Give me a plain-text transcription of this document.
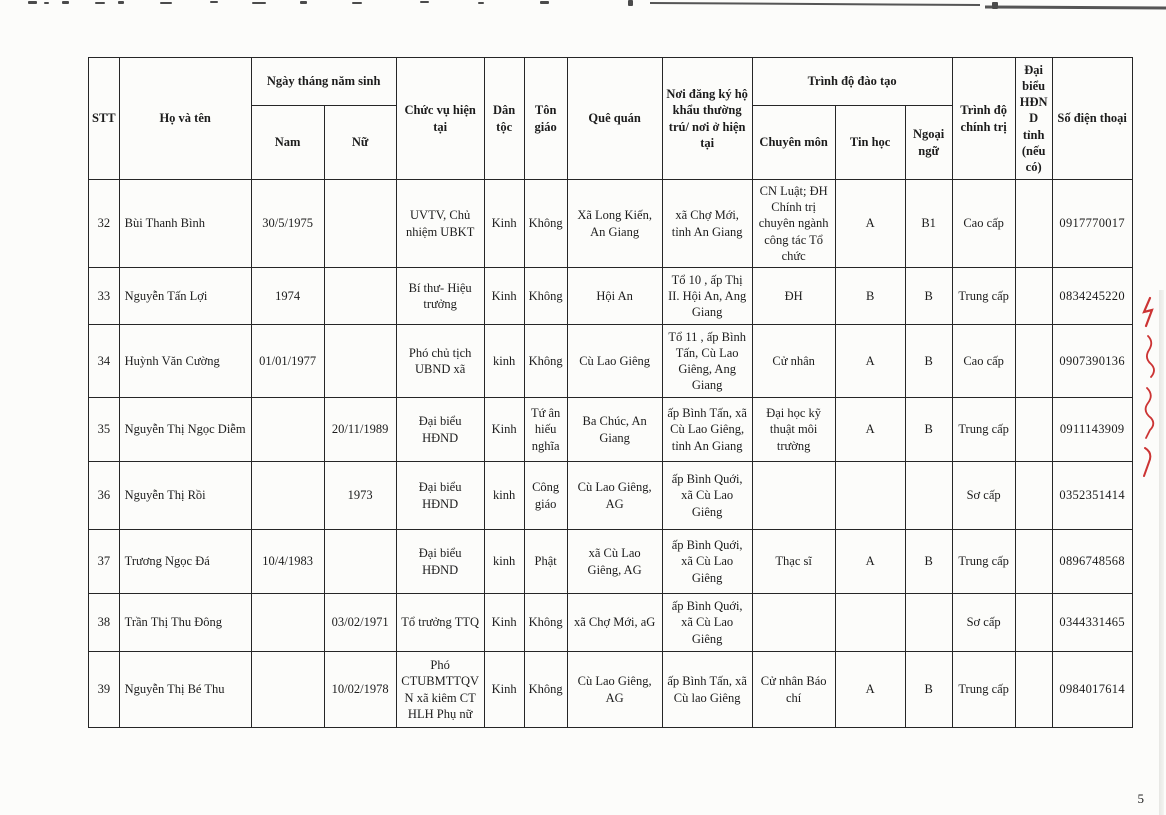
STT	Họ và tên	Ngày tháng năm sinh		Chức vụ hiện tại	Dân tộc	Tôn giáo	Quê quán	Nơi đăng ký hộ khẩu thường trú/ nơi ở hiện tại	Trình độ đào tạo			Trình độ chính trị	Đại biểu HĐN D tỉnh (nếu có)	Số điện thoại
		Nam	Nữ						Chuyên môn	Tin học	Ngoại ngữ			
32	Bùi Thanh Bình	30/5/1975		UVTV, Chủ nhiệm UBKT	Kinh	Không	Xã Long Kiến, An Giang	xã Chợ Mới, tỉnh An Giang	CN Luật; ĐH Chính trị chuyên ngành công tác Tổ chức	A	B1	Cao cấp		0917770017
33	Nguyễn Tấn Lợi	1974		Bí thư- Hiệu trưởng	Kinh	Không	Hội An	Tổ 10 , ấp Thị II. Hội An, Ang Giang	ĐH	B	B	Trung cấp		0834245220
34	Huỳnh Văn Cường	01/01/1977		Phó chủ tịch UBND xã	kinh	Không	Cù Lao Giêng	Tổ 11 , ấp Bình Tấn, Cù Lao Giêng, Ang Giang	Cử nhân	A	B	Cao cấp		0907390136
35	Nguyễn Thị Ngọc Diễm		20/11/1989	Đại biểu HĐND	Kinh	Tứ ân hiếu nghĩa	Ba Chúc, An Giang	ấp Bình Tấn, xã Cù Lao Giêng, tỉnh An Giang	Đại học kỹ thuật môi trường	A	B	Trung cấp		0911143909
36	Nguyễn Thị Rồi		1973	Đại biểu HĐND	kinh	Công giáo	Cù Lao Giêng, AG	ấp Bình Quới, xã Cù Lao Giêng				Sơ cấp		0352351414
37	Trương Ngọc Đá	10/4/1983		Đại biểu HĐND	kinh	Phật	xã Cù Lao Giêng, AG	ấp Bình Quới, xã Cù Lao Giêng	Thạc sĩ	A	B	Trung cấp		0896748568
38	Trần Thị Thu Đông		03/02/1971	Tổ trưởng TTQ	Kinh	Không	xã Chợ Mới, aG	ấp Bình Quới, xã Cù Lao Giêng				Sơ cấp		0344331465
39	Nguyễn Thị Bé Thu		10/02/1978	Phó CTUBMTTQV N xã kiêm CT HLH Phụ nữ	Kinh	Không	Cù Lao Giêng, AG	ấp Bình Tấn, xã Cù lao Giêng	Cử nhân Báo chí	A	B	Trung cấp		0984017614
5
